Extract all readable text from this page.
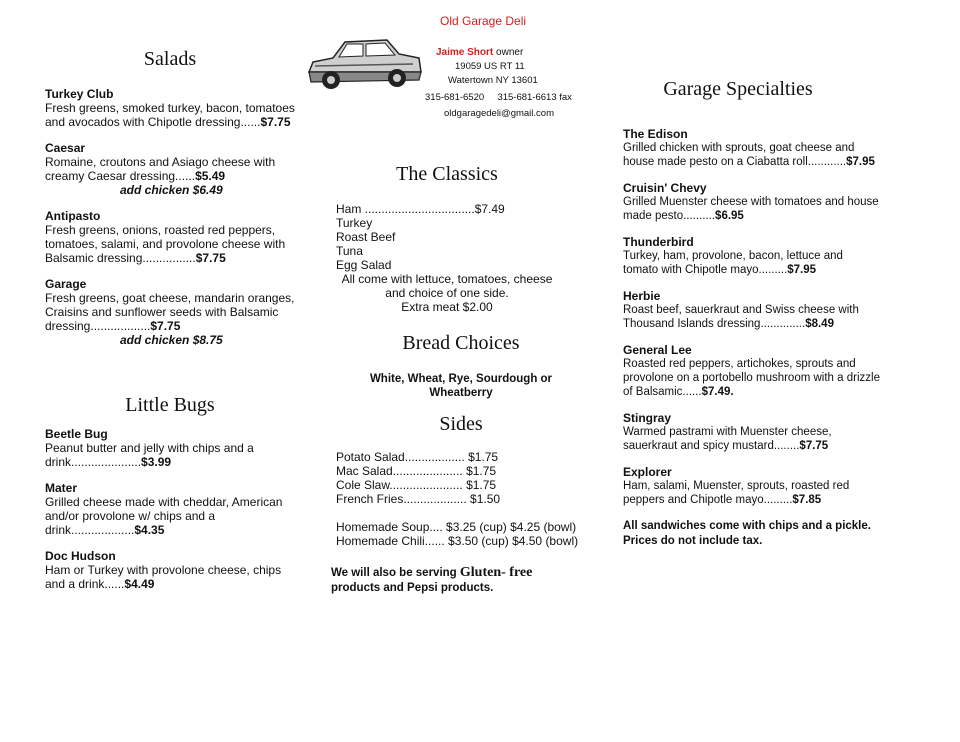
Old Garage Deli
Jaime Short owner
19059 US RT 11
Watertown NY 13601
315-681-6520 315-681-6613 fax
oldgaragedeli@gmail.com
Salads

Turkey Club

Fresh greens, smoked turkey, bacon, tomatoes and avocados with Chipotle dressing......$7.75

Caesar

Romaine, croutons and Asiago cheese with creamy Caesar dressing......$5.49

add chicken $6.49

Antipasto

Fresh greens, onions, roasted red peppers, tomatoes, salami, and provolone cheese with Balsamic dressing................$7.75

Garage

Fresh greens, goat cheese, mandarin oranges, Craisins and sunflower seeds with Balsamic dressing..................$7.75

add chicken $8.75
Little Bugs

Beetle Bug

Peanut butter and jelly with chips and a drink.....................$3.99

Mater

Grilled cheese made with cheddar, American and/or provolone w/ chips and a drink...................$4.35

Doc Hudson

Ham or Turkey with provolone cheese, chips and a drink......$4.49

The Classics
Ham .................................$7.49
Turkey
Roast Beef
Tuna
Egg Salad
All come with lettuce, tomatoes, cheese
and choice of one side.
Extra meat $2.00
Bread Choices
White, Wheat, Rye, Sourdough or
Wheatberry
Sides
Potato Salad.................. $1.75
Mac Salad..................... $1.75
Cole Slaw...................... $1.75
French Fries................... $1.50
Homemade Soup.... $3.25 (cup) $4.25 (bowl)
Homemade Chili...... $3.50 (cup) $4.50 (bowl)
We will also be serving Gluten- free
products and Pepsi products.
Garage Specialties

The Edison

Grilled chicken with sprouts, goat cheese and house made pesto on a Ciabatta roll............$7.95

Cruisin' Chevy

Grilled Muenster cheese with tomatoes and house made pesto..........$6.95

Thunderbird

Turkey, ham, provolone, bacon, lettuce and tomato with Chipotle mayo.........$7.95

Herbie

Roast beef, sauerkraut and Swiss cheese with Thousand Islands dressing..............$8.49

General Lee

Roasted red peppers, artichokes, sprouts and provolone on a portobello mushroom with a drizzle of Balsamic......$7.49.

Stingray

Warmed pastrami with Muenster cheese, sauerkraut and spicy mustard........$7.75

Explorer

Ham, salami, Muenster, sprouts, roasted red peppers and Chipotle mayo.........$7.85

All sandwiches come with chips and a pickle. Prices do not include tax.
